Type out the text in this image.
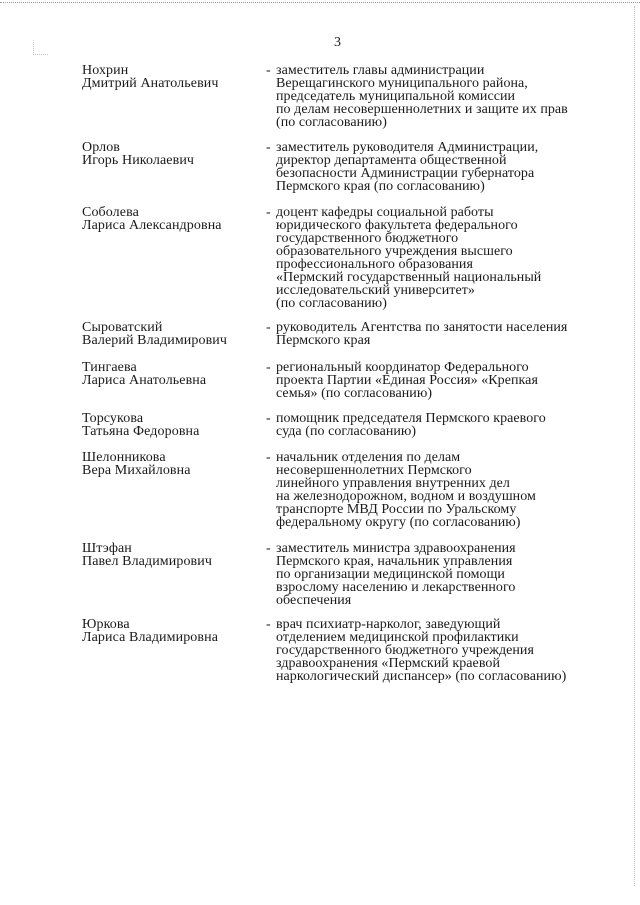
3
Нохрин
Дмитрий Анатольевич
- заместитель главы администрации
Верещагинского муниципального района,
председатель муниципальной комиссии
по делам несовершеннолетних и защите их прав
(по согласованию)
Орлов
Игорь Николаевич
- заместитель руководителя Администрации,
директор департамента общественной
безопасности Администрации губернатора
Пермского края (по согласованию)
Соболева
Лариса Александровна
- доцент кафедры социальной работы
юридического факультета федерального
государственного бюджетного
образовательного учреждения высшего
профессионального образования
«Пермский государственный национальный
исследовательский университет»
(по согласованию)
Сыроватский
Валерий Владимирович
- руководитель Агентства по занятости населения
Пермского края
Тингаева
Лариса Анатольевна
- региональный координатор Федерального
проекта Партии «Единая Россия» «Крепкая
семья» (по согласованию)
Торсукова
Татьяна Федоровна
- помощник председателя Пермского краевого
суда (по согласованию)
Шелонникова
Вера Михайловна
- начальник отделения по делам
несовершеннолетних Пермского
линейного управления внутренних дел
на железнодорожном, водном и воздушном
транспорте МВД России по Уральскому
федеральному округу (по согласованию)
Штэфан
Павел Владимирович
- заместитель министра здравоохранения
Пермского края, начальник управления
по организации медицинской помощи
взрослому населению и лекарственного
обеспечения
Юркова
Лариса Владимировна
- врач психиатр-нарколог, заведующий
отделением медицинской профилактики
государственного бюджетного учреждения
здравоохранения «Пермский краевой
наркологический диспансер» (по согласованию)
